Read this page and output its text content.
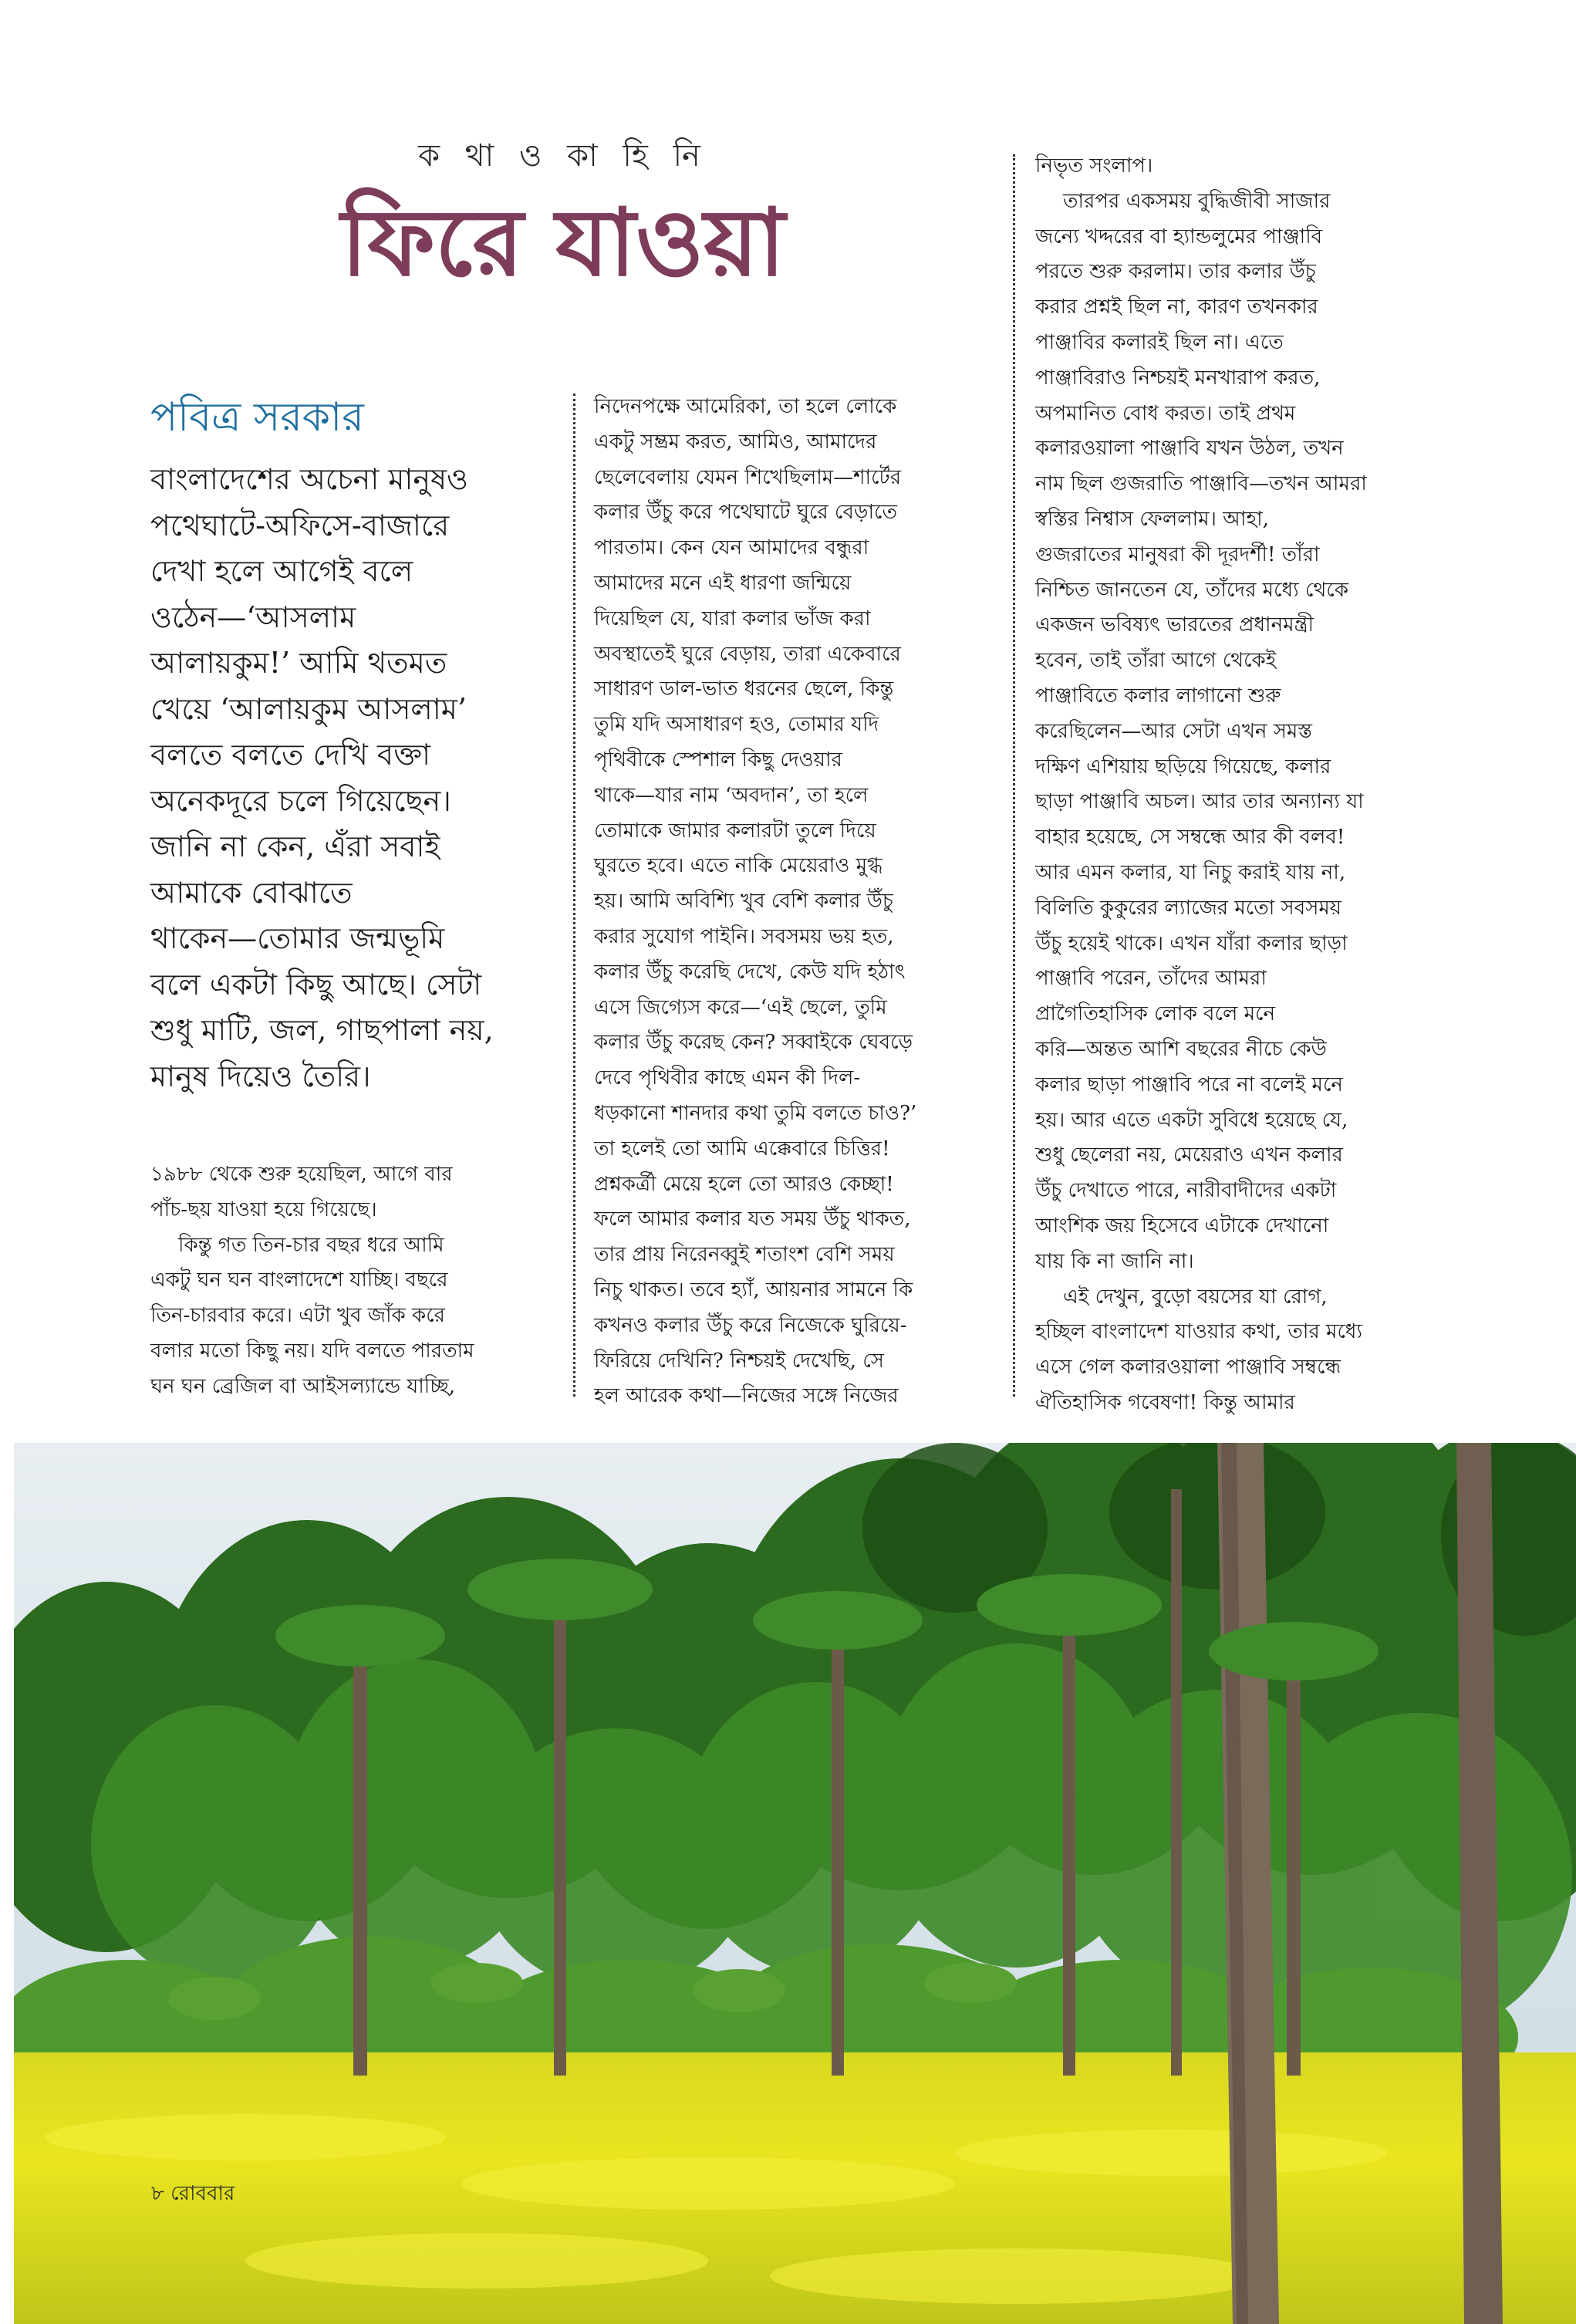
ক থা ও কা হি নি
ফিরে যাওয়া
পবিত্র সরকার
বাংলাদেশের অচেনা মানুষও
পথেঘাটে-অফিসে-বাজারে
দেখা হলে আগেই বলে
ওঠেন—‘আসলাম
আলায়কুম!’ আমি থতমত
খেয়ে ‘আলায়কুম আসলাম’
বলতে বলতে দেখি বক্তা
অনেকদূরে চলে গিয়েছেন।
জানি না কেন, এঁরা সবাই
আমাকে বোঝাতে
থাকেন—তোমার জন্মভূমি
বলে একটা কিছু আছে। সেটা
শুধু মাটি, জল, গাছপালা নয়,
মানুষ দিয়েও তৈরি।
১৯৮৮ থেকে শুরু হয়েছিল, আগে বার
পাঁচ-ছয় যাওয়া হয়ে গিয়েছে।
কিন্তু গত তিন-চার বছর ধরে আমি
একটু ঘন ঘন বাংলাদেশে যাচ্ছি। বছরে
তিন-চারবার করে। এটা খুব জাঁক করে
বলার মতো কিছু নয়। যদি বলতে পারতাম
ঘন ঘন ব্রেজিল বা আইসল্যান্ডে যাচ্ছি,
নিদেনপক্ষে আমেরিকা, তা হলে লোকে
একটু সম্ভ্রম করত, আমিও, আমাদের
ছেলেবেলায় যেমন শিখেছিলাম—শার্টের
কলার উঁচু করে পথেঘাটে ঘুরে বেড়াতে
পারতাম। কেন যেন আমাদের বন্ধুরা
আমাদের মনে এই ধারণা জন্মিয়ে
দিয়েছিল যে, যারা কলার ভাঁজ করা
অবস্থাতেই ঘুরে বেড়ায়, তারা একেবারে
সাধারণ ডাল-ভাত ধরনের ছেলে, কিন্তু
তুমি যদি অসাধারণ হও, তোমার যদি
পৃথিবীকে স্পেশাল কিছু দেওয়ার
থাকে—যার নাম ‘অবদান’, তা হলে
তোমাকে জামার কলারটা তুলে দিয়ে
ঘুরতে হবে। এতে নাকি মেয়েরাও মুগ্ধ
হয়। আমি অবিশ্যি খুব বেশি কলার উঁচু
করার সুযোগ পাইনি। সবসময় ভয় হত,
কলার উঁচু করেছি দেখে, কেউ যদি হঠাৎ
এসে জিগ্যেস করে—‘এই ছেলে, তুমি
কলার উঁচু করেছ কেন? সব্বাইকে ঘেবড়ে
দেবে পৃথিবীর কাছে এমন কী দিল-
ধড়কানো শানদার কথা তুমি বলতে চাও?’
তা হলেই তো আমি এক্কেবারে চিত্তির!
প্রশ্নকর্ত্রী মেয়ে হলে তো আরও কেচ্ছা!
ফলে আমার কলার যত সময় উঁচু থাকত,
তার প্রায় নিরেনব্বুই শতাংশ বেশি সময়
নিচু থাকত। তবে হ্যাঁ, আয়নার সামনে কি
কখনও কলার উঁচু করে নিজেকে ঘুরিয়ে-
ফিরিয়ে দেখিনি? নিশ্চয়ই দেখেছি, সে
হল আরেক কথা—নিজের সঙ্গে নিজের
নিভৃত সংলাপ।
তারপর একসময় বুদ্ধিজীবী সাজার
জন্যে খদ্দরের বা হ্যান্ডলুমের পাঞ্জাবি
পরতে শুরু করলাম। তার কলার উঁচু
করার প্রশ্নই ছিল না, কারণ তখনকার
পাঞ্জাবির কলারই ছিল না। এতে
পাঞ্জাবিরাও নিশ্চয়ই মনখারাপ করত,
অপমানিত বোধ করত। তাই প্রথম
কলারওয়ালা পাঞ্জাবি যখন উঠল, তখন
নাম ছিল গুজরাতি পাঞ্জাবি—তখন আমরা
স্বস্তির নিশ্বাস ফেললাম। আহা,
গুজরাতের মানুষরা কী দূরদর্শী! তাঁরা
নিশ্চিত জানতেন যে, তাঁদের মধ্যে থেকে
একজন ভবিষ্যৎ ভারতের প্রধানমন্ত্রী
হবেন, তাই তাঁরা আগে থেকেই
পাঞ্জাবিতে কলার লাগানো শুরু
করেছিলেন—আর সেটা এখন সমস্ত
দক্ষিণ এশিয়ায় ছড়িয়ে গিয়েছে, কলার
ছাড়া পাঞ্জাবি অচল। আর তার অন্যান্য যা
বাহার হয়েছে, সে সম্বন্ধে আর কী বলব!
আর এমন কলার, যা নিচু করাই যায় না,
বিলিতি কুকুরের ল্যাজের মতো সবসময়
উঁচু হয়েই থাকে। এখন যাঁরা কলার ছাড়া
পাঞ্জাবি পরেন, তাঁদের আমরা
প্রাগৈতিহাসিক লোক বলে মনে
করি—অন্তত আশি বছরের নীচে কেউ
কলার ছাড়া পাঞ্জাবি পরে না বলেই মনে
হয়। আর এতে একটা সুবিধে হয়েছে যে,
শুধু ছেলেরা নয়, মেয়েরাও এখন কলার
উঁচু দেখাতে পারে, নারীবাদীদের একটা
আংশিক জয় হিসেবে এটাকে দেখানো
যায় কি না জানি না।
এই দেখুন, বুড়ো বয়সের যা রোগ,
হচ্ছিল বাংলাদেশ যাওয়ার কথা, তার মধ্যে
এসে গেল কলারওয়ালা পাঞ্জাবি সম্বন্ধে
ঐতিহাসিক গবেষণা! কিন্তু আমার
৮ রোববার
